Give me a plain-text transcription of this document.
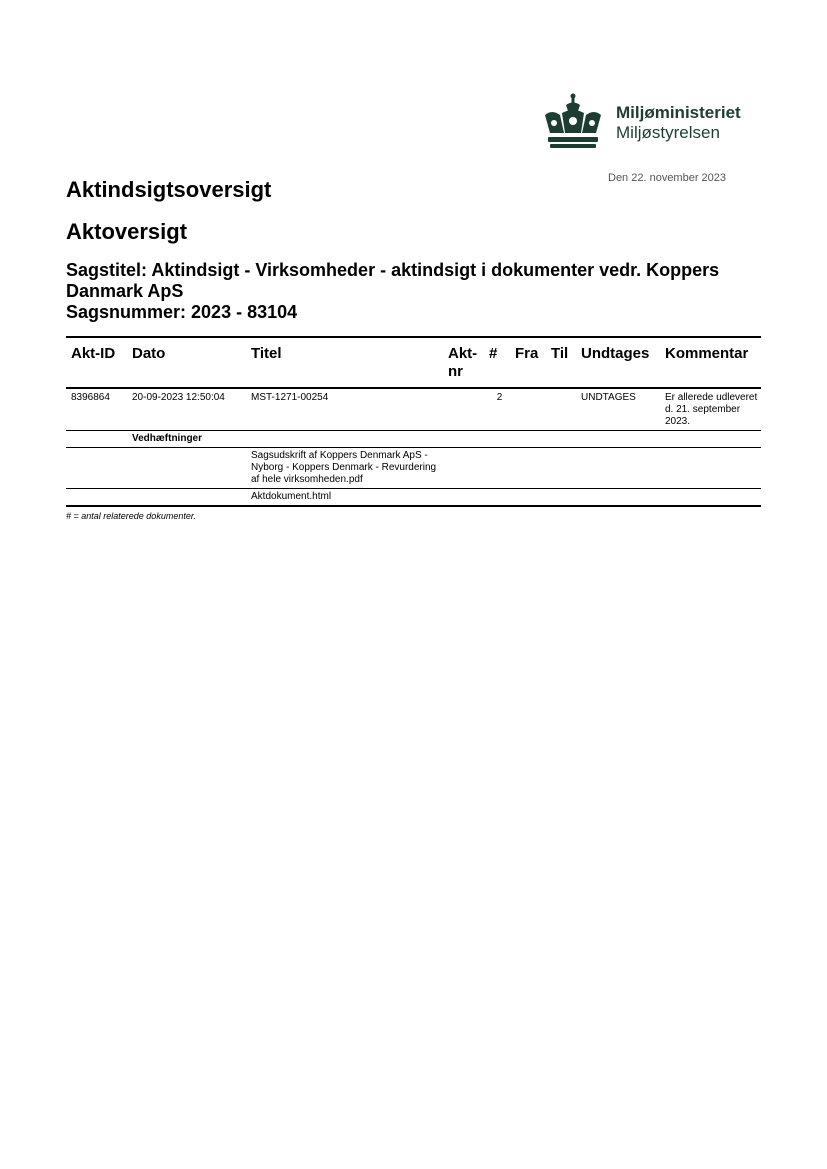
Miljøministeriet
Miljøstyrelsen
Den 22. november 2023
Aktindsigtsoversigt
Aktoversigt
Sagstitel: Aktindsigt - Virksomheder - aktindsigt i dokumenter vedr. Koppers Danmark ApS
Sagsnummer: 2023 - 83104
Akt-ID	Dato	Titel	Akt-nr	#	Fra	Til	Undtages	Kommentar
8396864	20-09-2023 12:50:04	MST-1271-00254		2			UNDTAGES	Er allerede udleveret d. 21. september 2023.
	Vedhæftninger							
		Sagsudskrift af Koppers Denmark ApS - Nyborg - Koppers Denmark - Revurdering af hele virksomheden.pdf						
		Aktdokument.html						
# = antal relaterede dokumenter.
